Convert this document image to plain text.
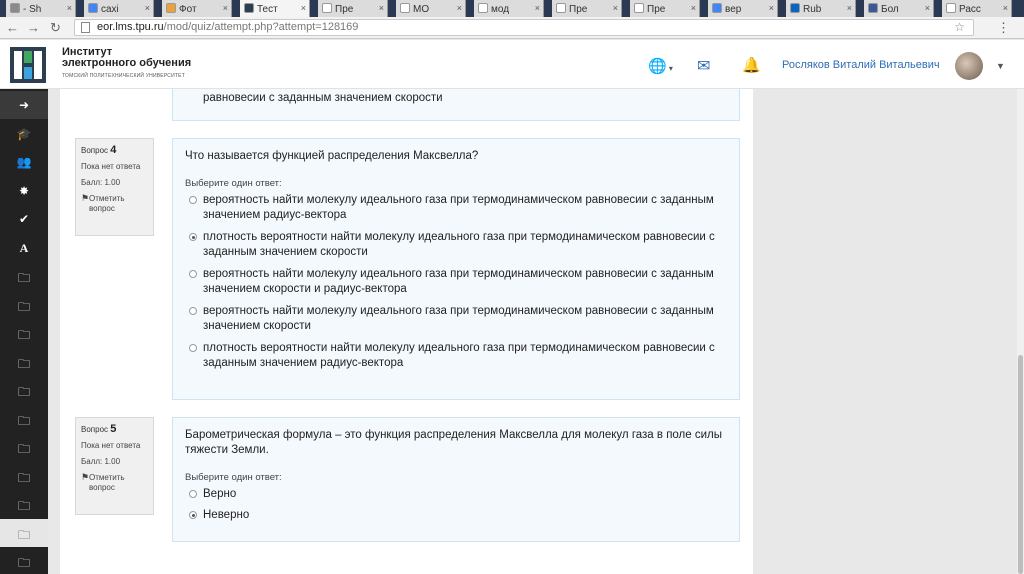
- Sh	×	caxi	×	Фот	×	Тест	×	Пре	×	МО	×	мод	×	Пре	×	Пре	×	вер	×	Rub	×	Бол	×	Расс ×
← → ↻	eor.lms.tpu.ru/mod/quiz/attempt.php?attempt=128169	☆ ⋮
Институт
электронного обучения
ТОМСКИЙ ПОЛИТЕХНИЧЕСКИЙ УНИВЕРСИТЕТ
🌐 ▾ ✉ 🔔 Росляков Виталий Витальевич	▼
➜
🎓
👥
✸
✔
A
🗀
🗀
🗀
🗀
🗀
🗀
🗀
🗀
🗀
🗀
🗀
равновесии с заданным значением скорости
Вопрос 4
Пока нет ответа
Балл: 1.00
⚑ Отметить вопрос
Что называется функцией распределения Максвелла?
Выберите один ответ:
вероятность найти молекулу идеального газа при термодинамическом равновесии с заданным значением радиус-вектора
плотность вероятности найти молекулу идеального газа при термодинамическом равновесии с заданным значением скорости
вероятность найти молекулу идеального газа при термодинамическом равновесии с заданным значением скорости и радиус-вектора
вероятность найти молекулу идеального газа при термодинамическом равновесии с заданным значением скорости
плотность вероятности найти молекулу идеального газа при термодинамическом равновесии с заданным значением радиус-вектора
Вопрос 5
Пока нет ответа
Балл: 1.00
⚑ Отметить вопрос
Барометрическая формула – это функция распределения Максвелла для молекул газа в поле силы тяжести Земли.
Выберите один ответ:
Верно
Неверно
